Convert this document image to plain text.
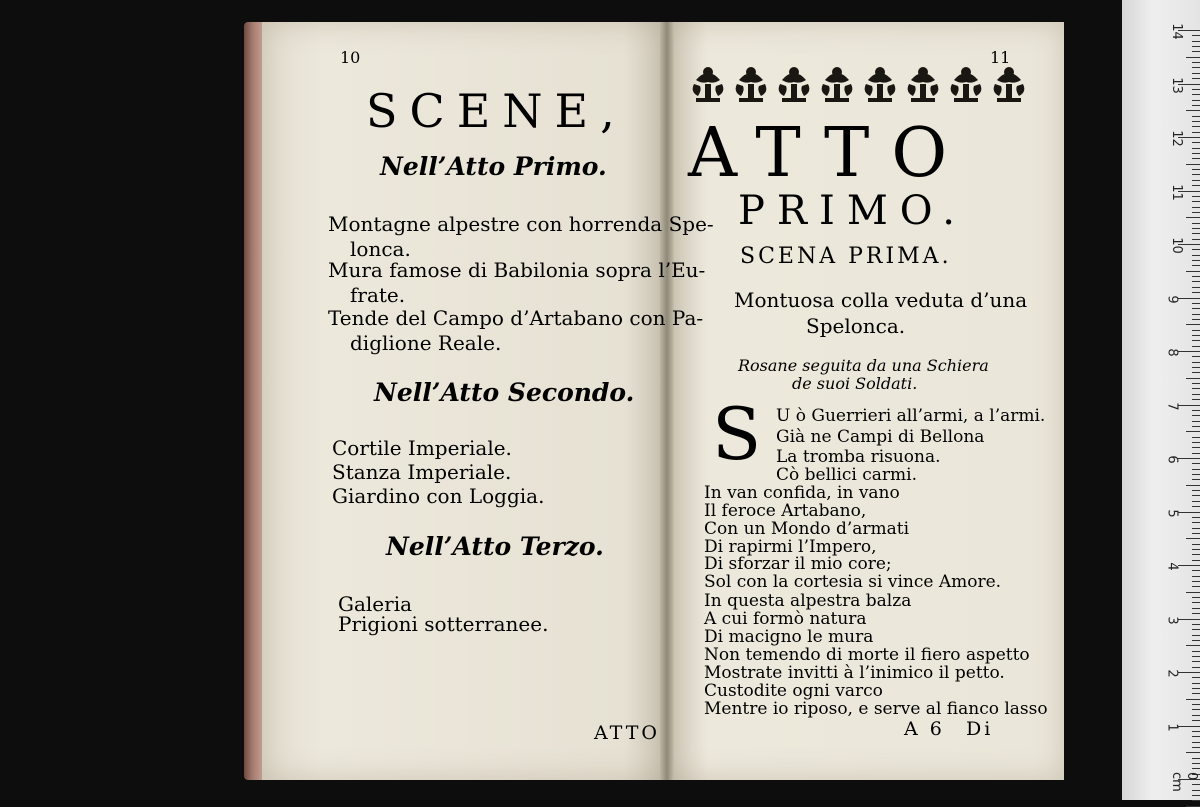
10
SCENE,
Nell’Atto Primo.
Montagne alpestre con horrenda Spe-
lonca.
Mura famose di Babilonia sopra l’Eu-
frate.
Tende del Campo d’Artabano con Pa-
diglione Reale.
Nell’Atto Secondo.
Cortile Imperiale.
Stanza Imperiale.
Giardino con Loggia.
Nell’Atto Terzo.
Galeria
Prigioni sotterranee.
ATTO
11
ATTO
PRIMO.
SCENA PRIMA.
Montuosa colla veduta d’una
Spelonca.
Rosane seguita da una Schiera
de suoi Soldati.
S U ò Guerrieri all’armi, a l’armi.
Già ne Campi di Bellona
La tromba risuona.
Cò bellici carmi.
In van confida, in vano
Il feroce Artabano,
Con un Mondo d’armati
Di rapirmi l’Impero,
Di sforzar il mio core;
Sol con la cortesia si vince Amore.
In questa alpestra balza
A cui formò natura
Di macigno le mura
Non temendo di morte il fiero aspetto
Mostrate invitti à l’inimico il petto.
Custodite ogni varco
Mentre io riposo, e serve al fianco lasso
A 6 Di
14
13
12
11
10
9
8
7
6
5
4
3
2
1
0 cm
